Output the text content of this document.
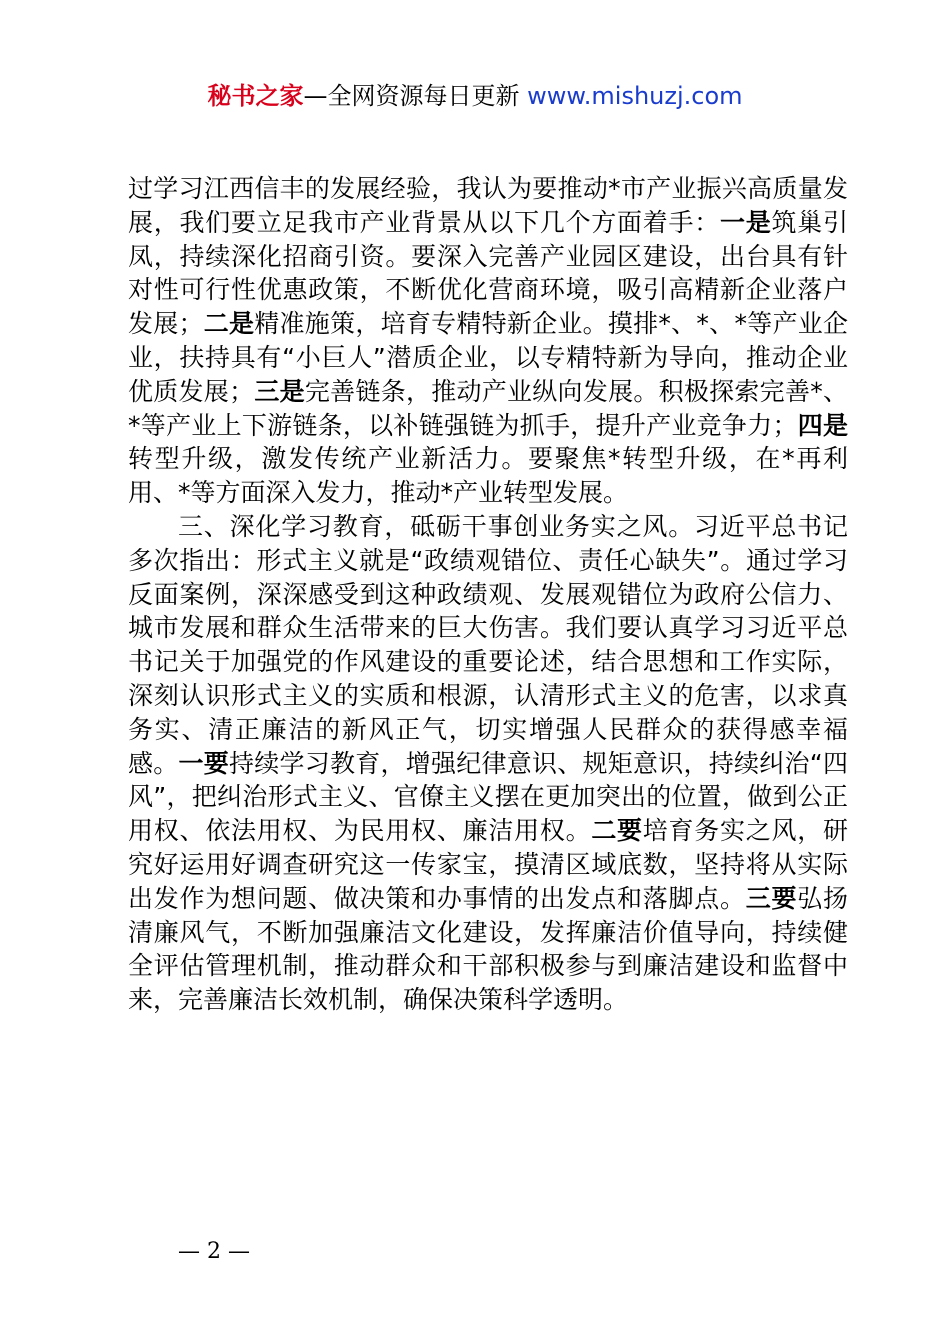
秘书之家—全网资源每日更新 www.mishuzj.com

过学习江西信丰的发展经验，我认为要推动*市产业振兴高质量发展，我们要立足我市产业背景从以下几个方面着手：一是筑巢引凤，持续深化招商引资。要深入完善产业园区建设，出台具有针对性可行性优惠政策，不断优化营商环境，吸引高精新企业落户发展；二是精准施策，培育专精特新企业。摸排*、*、*等产业企业，扶持具有“小巨人”潜质企业，以专精特新为导向，推动企业优质发展；三是完善链条，推动产业纵向发展。积极探索完善*、*等产业上下游链条，以补链强链为抓手，提升产业竞争力；四是转型升级，激发传统产业新活力。要聚焦*转型升级，在*再利用、*等方面深入发力，推动*产业转型发展。

三、深化学习教育，砥砺干事创业务实之风。习近平总书记多次指出：形式主义就是“政绩观错位、责任心缺失”。通过学习反面案例，深深感受到这种政绩观、发展观错位为政府公信力、城市发展和群众生活带来的巨大伤害。我们要认真学习习近平总书记关于加强党的作风建设的重要论述，结合思想和工作实际，深刻认识形式主义的实质和根源，认清形式主义的危害，以求真务实、清正廉洁的新风正气，切实增强人民群众的获得感幸福感。一要持续学习教育，增强纪律意识、规矩意识，持续纠治“四风”，把纠治形式主义、官僚主义摆在更加突出的位置，做到公正用权、依法用权、为民用权、廉洁用权。二要培育务实之风，研究好运用好调查研究这一传家宝，摸清区域底数，坚持将从实际出发作为想问题、做决策和办事情的出发点和落脚点。三要弘扬清廉风气，不断加强廉洁文化建设，发挥廉洁价值导向，持续健全评估管理机制，推动群众和干部积极参与到廉洁建设和监督中来，完善廉洁长效机制，确保决策科学透明。

— 2 —
